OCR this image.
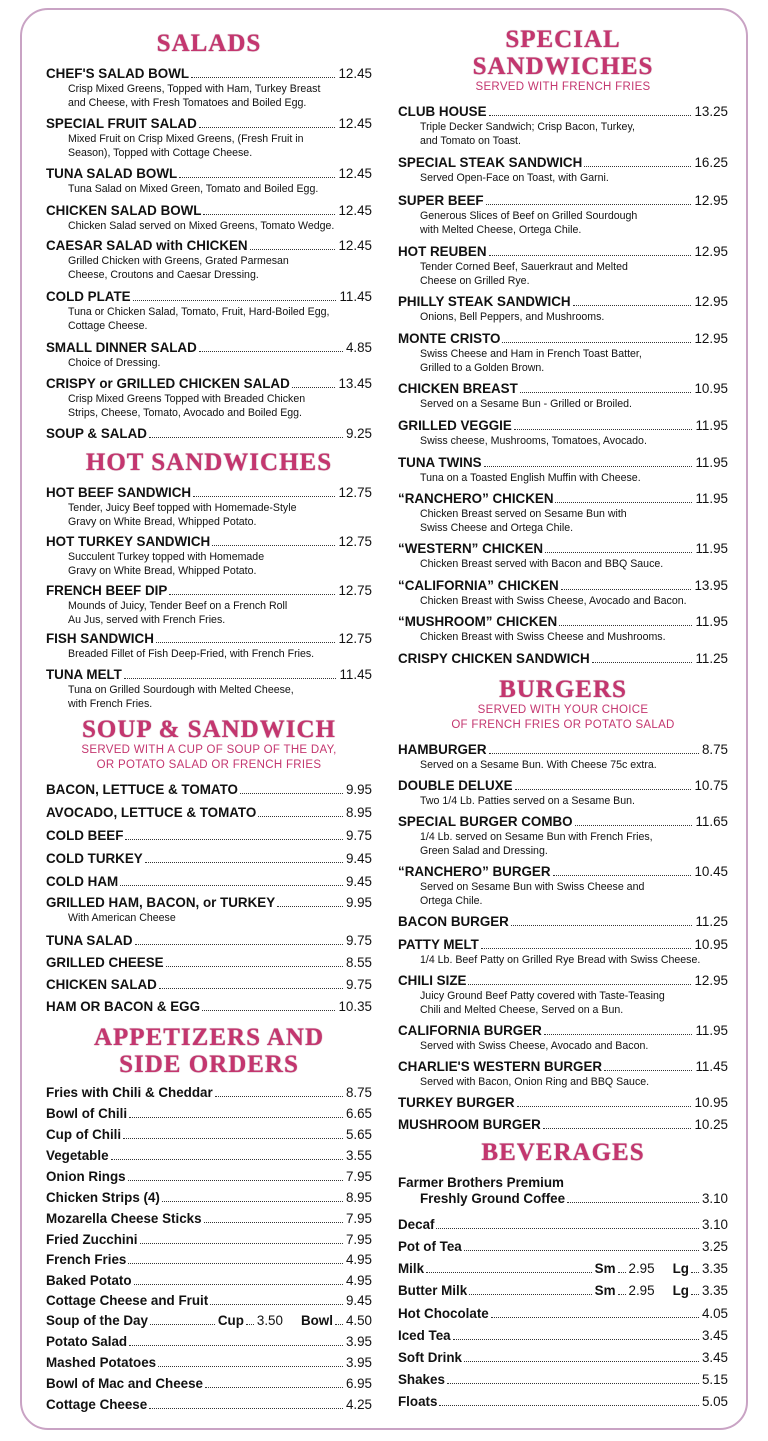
SALADS
CHEF'S SALAD BOWL	12.45
Crisp Mixed Greens, Topped with Ham, Turkey Breast
and Cheese, with Fresh Tomatoes and Boiled Egg.
SPECIAL FRUIT SALAD	12.45
Mixed Fruit on Crisp Mixed Greens, (Fresh Fruit in
Season), Topped with Cottage Cheese.
TUNA SALAD BOWL	12.45
Tuna Salad on Mixed Green, Tomato and Boiled Egg.
CHICKEN SALAD BOWL	12.45
Chicken Salad served on Mixed Greens, Tomato Wedge.
CAESAR SALAD with CHICKEN	12.45
Grilled Chicken with Greens, Grated Parmesan
Cheese, Croutons and Caesar Dressing.
COLD PLATE	11.45
Tuna or Chicken Salad, Tomato, Fruit, Hard-Boiled Egg,
Cottage Cheese.
SMALL DINNER SALAD	4.85
Choice of Dressing.
CRISPY or GRILLED CHICKEN SALAD	13.45
Crisp Mixed Greens Topped with Breaded Chicken
Strips, Cheese, Tomato, Avocado and Boiled Egg.
SOUP & SALAD	9.25
HOT SANDWICHES
HOT BEEF SANDWICH	12.75
Tender, Juicy Beef topped with Homemade-Style
Gravy on White Bread, Whipped Potato.
HOT TURKEY SANDWICH	12.75
Succulent Turkey topped with Homemade
Gravy on White Bread, Whipped Potato.
FRENCH BEEF DIP	12.75
Mounds of Juicy, Tender Beef on a French Roll
Au Jus, served with French Fries.
FISH SANDWICH	12.75
Breaded Fillet of Fish Deep-Fried, with French Fries.
TUNA MELT	11.45
Tuna on Grilled Sourdough with Melted Cheese,
with French Fries.
SOUP & SANDWICH
SERVED WITH A CUP OF SOUP OF THE DAY,
OR POTATO SALAD OR FRENCH FRIES
BACON, LETTUCE & TOMATO	9.95
AVOCADO, LETTUCE & TOMATO	8.95
COLD BEEF	9.75
COLD TURKEY	9.45
COLD HAM	9.45
GRILLED HAM, BACON, or TURKEY	9.95
With American Cheese
TUNA SALAD	9.75
GRILLED CHEESE	8.55
CHICKEN SALAD	9.75
HAM OR BACON & EGG	10.35
APPETIZERS AND
SIDE ORDERS
Fries with Chili & Cheddar	8.75
Bowl of Chili	6.65
Cup of Chili	5.65
Vegetable	3.55
Onion Rings	7.95
Chicken Strips (4)	8.95
Mozarella Cheese Sticks	7.95
Fried Zucchini	7.95
French Fries	4.95
Baked Potato	4.95
Cottage Cheese and Fruit	9.45
Soup of the Day	Cup 3.50 Bowl 4.50
Potato Salad	3.95
Mashed Potatoes	3.95
Bowl of Mac and Cheese	6.95
Cottage Cheese	4.25
SPECIAL
SANDWICHES
SERVED WITH FRENCH FRIES
CLUB HOUSE	13.25
Triple Decker Sandwich; Crisp Bacon, Turkey,
and Tomato on Toast.
SPECIAL STEAK SANDWICH	16.25
Served Open-Face on Toast, with Garni.
SUPER BEEF	12.95
Generous Slices of Beef on Grilled Sourdough
with Melted Cheese, Ortega Chile.
HOT REUBEN	12.95
Tender Corned Beef, Sauerkraut and Melted
Cheese on Grilled Rye.
PHILLY STEAK SANDWICH	12.95
Onions, Bell Peppers, and Mushrooms.
MONTE CRISTO	12.95
Swiss Cheese and Ham in French Toast Batter,
Grilled to a Golden Brown.
CHICKEN BREAST	10.95
Served on a Sesame Bun - Grilled or Broiled.
GRILLED VEGGIE	11.95
Swiss cheese, Mushrooms, Tomatoes, Avocado.
TUNA TWINS	11.95
Tuna on a Toasted English Muffin with Cheese.
“RANCHERO” CHICKEN	11.95
Chicken Breast served on Sesame Bun with
Swiss Cheese and Ortega Chile.
“WESTERN” CHICKEN	11.95
Chicken Breast served with Bacon and BBQ Sauce.
“CALIFORNIA” CHICKEN	13.95
Chicken Breast with Swiss Cheese, Avocado and Bacon.
“MUSHROOM” CHICKEN	11.95
Chicken Breast with Swiss Cheese and Mushrooms.
CRISPY CHICKEN SANDWICH	11.25
BURGERS
SERVED WITH YOUR CHOICE
OF FRENCH FRIES OR POTATO SALAD
HAMBURGER	8.75
Served on a Sesame Bun. With Cheese 75c extra.
DOUBLE DELUXE	10.75
Two 1/4 Lb. Patties served on a Sesame Bun.
SPECIAL BURGER COMBO	11.65
1/4 Lb. served on Sesame Bun with French Fries,
Green Salad and Dressing.
“RANCHERO” BURGER	10.45
Served on Sesame Bun with Swiss Cheese and
Ortega Chile.
BACON BURGER	11.25
PATTY MELT	10.95
1/4 Lb. Beef Patty on Grilled Rye Bread with Swiss Cheese.
CHILI SIZE	12.95
Juicy Ground Beef Patty covered with Taste-Teasing
Chili and Melted Cheese, Served on a Bun.
CALIFORNIA BURGER	11.95
Served with Swiss Cheese, Avocado and Bacon.
CHARLIE'S WESTERN BURGER	11.45
Served with Bacon, Onion Ring and BBQ Sauce.
TURKEY BURGER	10.95
MUSHROOM BURGER	10.25
BEVERAGES
Farmer Brothers Premium
Freshly Ground Coffee	3.10
Decaf	3.10
Pot of Tea	3.25
Milk	Sm 2.95 Lg 3.35
Butter Milk	Sm 2.95 Lg 3.35
Hot Chocolate	4.05
Iced Tea	3.45
Soft Drink	3.45
Shakes	5.15
Floats	5.05
